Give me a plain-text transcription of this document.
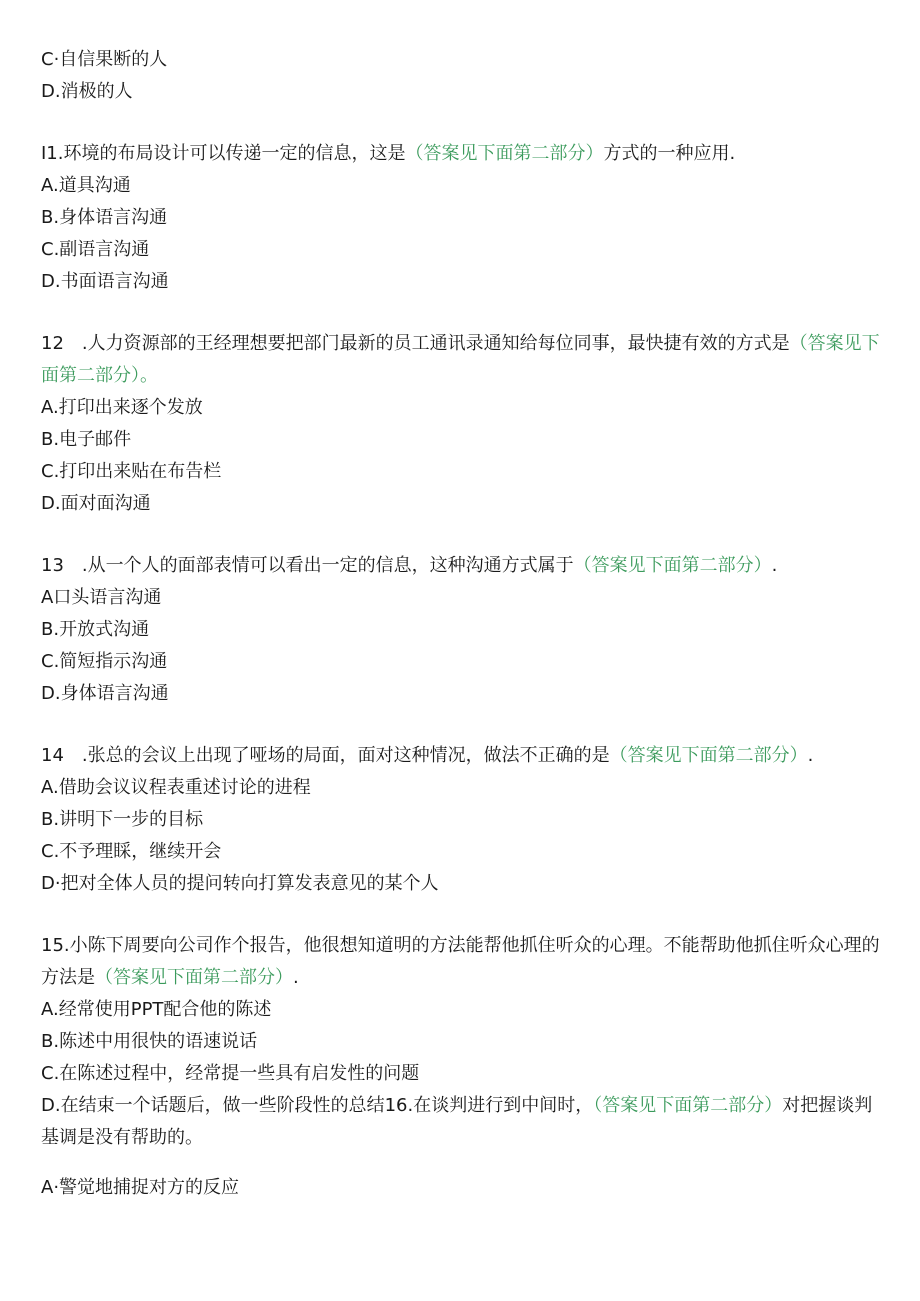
C·自信果断的人
D.消极的人
I1.环境的布局设计可以传递一定的信息，这是（答案见下面第二部分）方式的一种应用.
A.道具沟通
B.身体语言沟通
C.副语言沟通
D.书面语言沟通
12　.人力资源部的王经理想要把部门最新的员工通讯录通知给每位同事，最快捷有效的方式是（答案见下面第二部分）。
A.打印出来逐个发放
B.电子邮件
C.打印出来贴在布告栏
D.面对面沟通
13　.从一个人的面部表情可以看出一定的信息，这种沟通方式属于（答案见下面第二部分）.
A口头语言沟通
B.开放式沟通
C.简短指示沟通
D.身体语言沟通
14　.张总的会议上出现了哑场的局面，面对这种情况，做法不正确的是（答案见下面第二部分）.
A.借助会议议程表重述讨论的进程
B.讲明下一步的目标
C.不予理睬，继续开会
D·把对全体人员的提问转向打算发表意见的某个人
15.小陈下周要向公司作个报告，他很想知道明的方法能帮他抓住听众的心理。不能帮助他抓住听众心理的方法是（答案见下面第二部分）.
A.经常使用PPT配合他的陈述
B.陈述中用很快的语速说话
C.在陈述过程中，经常提一些具有启发性的问题
D.在结束一个话题后，做一些阶段性的总结16.在谈判进行到中间时，（答案见下面第二部分）对把握谈判基调是没有帮助的。
A·警觉地捕捉对方的反应
